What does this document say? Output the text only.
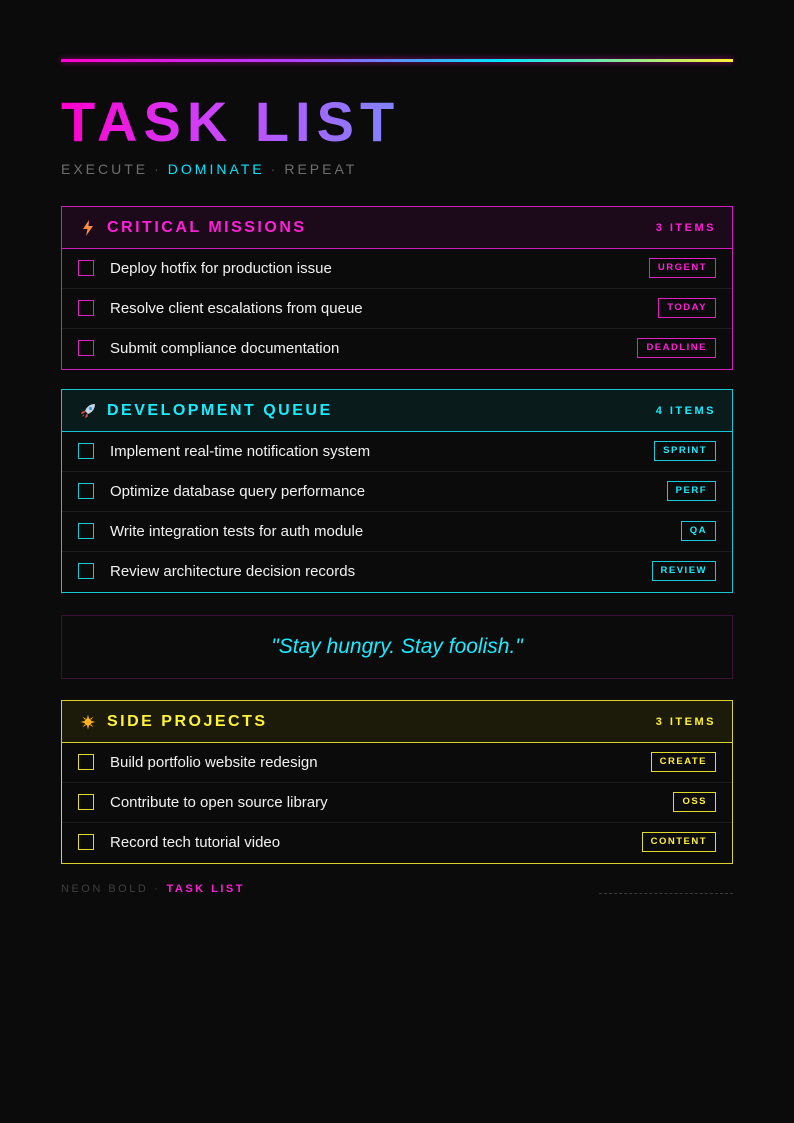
TASK LIST
EXECUTE · DOMINATE · REPEAT
CRITICAL MISSIONS	3 ITEMS
Deploy hotfix for production issue	URGENT
Resolve client escalations from queue	TODAY
Submit compliance documentation	DEADLINE
DEVELOPMENT QUEUE	4 ITEMS
Implement real-time notification system	SPRINT
Optimize database query performance	PERF
Write integration tests for auth module	QA
Review architecture decision records	REVIEW
"Stay hungry. Stay foolish."
SIDE PROJECTS	3 ITEMS
Build portfolio website redesign	CREATE
Contribute to open source library	OSS
Record tech tutorial video	CONTENT
NEON BOLD · TASK LIST
